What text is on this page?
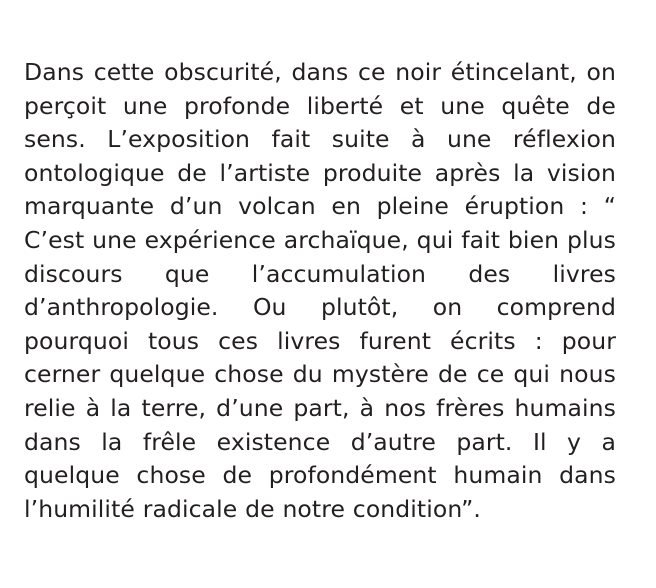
Dans cette obscurité, dans ce noir étincelant, on perçoit une profonde liberté et une quête de sens. L’exposition fait suite à une réflexion ontologique de l’artiste produite après la vision marquante d’un volcan en pleine éruption : “ C’est une expérience archaïque, qui fait bien plus discours que l’accumulation des livres d’anthropologie. Ou plutôt, on comprend pourquoi tous ces livres furent écrits : pour cerner quelque chose du mystère de ce qui nous relie à la terre, d’une part, à nos frères humains dans la frêle existence d’autre part. Il y a quelque chose de profondément humain dans l’humilité radicale de notre condition”.
